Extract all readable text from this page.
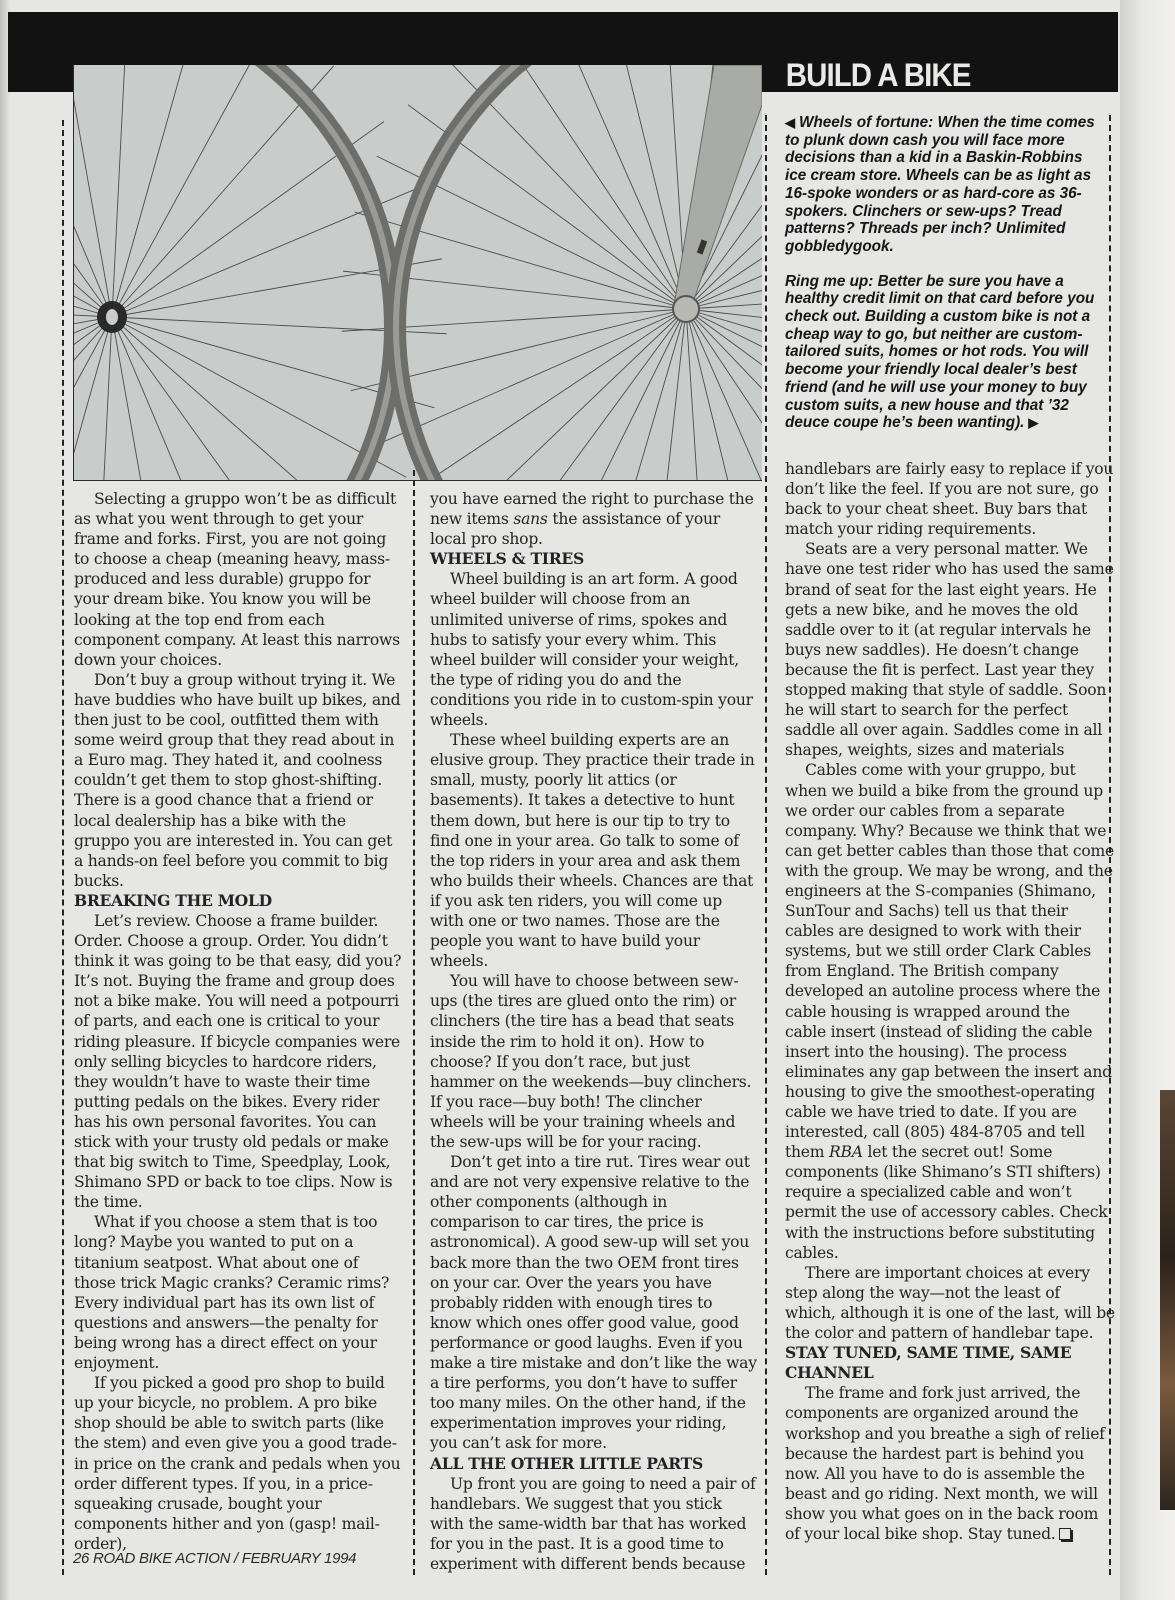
BUILD A BIKE

◀ Wheels of fortune: When the time comes to plunk down cash you will face more decisions than a kid in a Baskin-Robbins ice cream store. Wheels can be as light as 16-spoke wonders or as hard-core as 36-spokers. Clinchers or sew-ups? Tread patterns? Threads per inch? Unlimited gobbledygook.

Ring me up: Better be sure you have a healthy credit limit on that card before you check out. Building a custom bike is not a cheap way to go, but neither are custom-tailored suits, homes or hot rods. You will become your friendly local dealer’s best friend (and he will use your money to buy custom suits, a new house and that ’32 deuce coupe he’s been wanting). ▶

Selecting a gruppo won’t be as difficult as what you went through to get your frame and forks. First, you are not going to choose a cheap (meaning heavy, mass-produced and less durable) gruppo for your dream bike. You know you will be looking at the top end from each component company. At least this narrows down your choices.

Don’t buy a group without trying it. We have buddies who have built up bikes, and then just to be cool, outfitted them with some weird group that they read about in a Euro mag. They hated it, and coolness couldn’t get them to stop ghost-shifting. There is a good chance that a friend or local dealership has a bike with the gruppo you are interested in. You can get a hands-on feel before you commit to big bucks.

BREAKING THE MOLD

Let’s review. Choose a frame builder. Order. Choose a group. Order. You didn’t think it was going to be that easy, did you? It’s not. Buying the frame and group does not a bike make. You will need a potpourri of parts, and each one is critical to your riding pleasure. If bicycle companies were only selling bicycles to hardcore riders, they wouldn’t have to waste their time putting pedals on the bikes. Every rider has his own personal favorites. You can stick with your trusty old pedals or make that big switch to Time, Speedplay, Look, Shimano SPD or back to toe clips. Now is the time.

What if you choose a stem that is too long? Maybe you wanted to put on a titanium seatpost. What about one of those trick Magic cranks? Ceramic rims? Every individual part has its own list of questions and answers—the penalty for being wrong has a direct effect on your enjoyment.

If you picked a good pro shop to build up your bicycle, no problem. A pro bike shop should be able to switch parts (like the stem) and even give you a good trade-in price on the crank and pedals when you order different types. If you, in a price-squeaking crusade, bought your components hither and yon (gasp! mail-order),

you have earned the right to purchase the new items sans the assistance of your local pro shop.

WHEELS & TIRES

Wheel building is an art form. A good wheel builder will choose from an unlimited universe of rims, spokes and hubs to satisfy your every whim. This wheel builder will consider your weight, the type of riding you do and the conditions you ride in to custom-spin your wheels.

These wheel building experts are an elusive group. They practice their trade in small, musty, poorly lit attics (or basements). It takes a detective to hunt them down, but here is our tip to try to find one in your area. Go talk to some of the top riders in your area and ask them who builds their wheels. Chances are that if you ask ten riders, you will come up with one or two names. Those are the people you want to have build your wheels.

You will have to choose between sew-ups (the tires are glued onto the rim) or clinchers (the tire has a bead that seats inside the rim to hold it on). How to choose? If you don’t race, but just hammer on the weekends—buy clinchers. If you race—buy both! The clincher wheels will be your training wheels and the sew-ups will be for your racing.

Don’t get into a tire rut. Tires wear out and are not very expensive relative to the other components (although in comparison to car tires, the price is astronomical). A good sew-up will set you back more than the two OEM front tires on your car. Over the years you have probably ridden with enough tires to know which ones offer good value, good performance or good laughs. Even if you make a tire mistake and don’t like the way a tire performs, you don’t have to suffer too many miles. On the other hand, if the experimentation improves your riding, you can’t ask for more.

ALL THE OTHER LITTLE PARTS

Up front you are going to need a pair of handlebars. We suggest that you stick with the same-width bar that has worked for you in the past. It is a good time to experiment with different bends because

handlebars are fairly easy to replace if you don’t like the feel. If you are not sure, go back to your cheat sheet. Buy bars that match your riding requirements.

Seats are a very personal matter. We have one test rider who has used the same brand of seat for the last eight years. He gets a new bike, and he moves the old saddle over to it (at regular intervals he buys new saddles). He doesn’t change because the fit is perfect. Last year they stopped making that style of saddle. Soon he will start to search for the perfect saddle all over again. Saddles come in all shapes, weights, sizes and materials

Cables come with your gruppo, but when we build a bike from the ground up we order our cables from a separate company. Why? Because we think that we can get better cables than those that come with the group. We may be wrong, and the engineers at the S-companies (Shimano, SunTour and Sachs) tell us that their cables are designed to work with their systems, but we still order Clark Cables from England. The British company developed an autoline process where the cable housing is wrapped around the cable insert (instead of sliding the cable insert into the housing). The process eliminates any gap between the insert and housing to give the smoothest-operating cable we have tried to date. If you are interested, call (805) 484-8705 and tell them RBA let the secret out! Some components (like Shimano’s STI shifters) require a specialized cable and won’t permit the use of accessory cables. Check with the instructions before substituting cables.

There are important choices at every step along the way—not the least of which, although it is one of the last, will be the color and pattern of handlebar tape.

STAY TUNED, SAME TIME, SAME CHANNEL

The frame and fork just arrived, the components are organized around the workshop and you breathe a sigh of relief because the hardest part is behind you now. All you have to do is assemble the beast and go riding. Next month, we will show you what goes on in the back room of your local bike shop. Stay tuned.

26 ROAD BIKE ACTION / FEBRUARY 1994
